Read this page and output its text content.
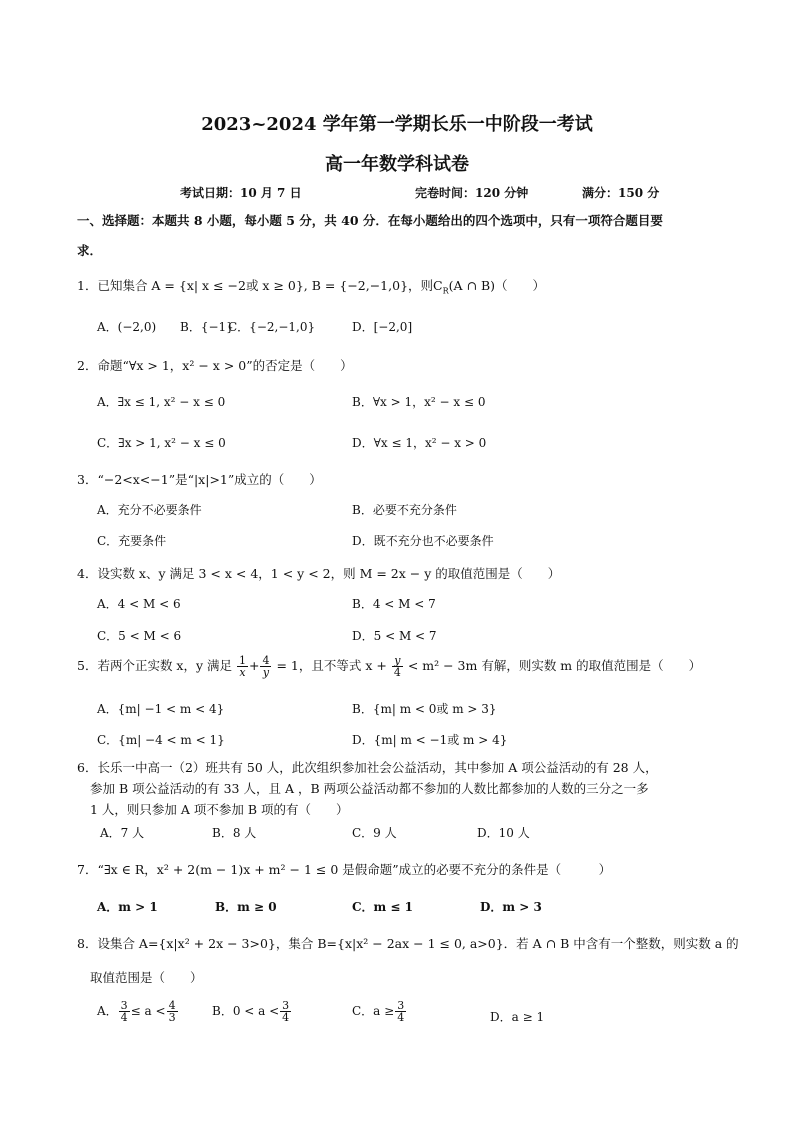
2023~2024 学年第一学期长乐一中阶段一考试
高一年数学科试卷
考试日期：10 月 7 日	完卷时间：120 分钟	满分：150 分
一、选择题：本题共 8 小题，每小题 5 分，共 40 分．在每小题给出的四个选项中，只有一项符合题目要
求．
1．已知集合 A = {x| x ≤ −2或 x ≥ 0}, B = {−2,−1,0}，则$C_R(A$ ∩ B)（　　）
A．(−2,0) B．{−1}
C．{−2,−1,0}	D．[−2,0]
2．命题“∀x > 1，x² − x > 0”的否定是（　　）
A．∃x ≤ 1, x² − x ≤ 0	B．∀x > 1，x² − x ≤ 0
C．∃x > 1, x² − x ≤ 0	D．∀x ≤ 1，x² − x > 0
3．“−2<x<−1”是“|x|>1”成立的（　　）
A．充分不必要条件	B．必要不充分条件
C．充要条件	D．既不充分也不必要条件
4．设实数 x、y 满足 3 < x < 4，1 < y < 2，则 M = 2x − y 的取值范围是（　　）
A．4 < M < 6	B．4 < M < 7
C．5 < M < 6	D．5 < M < 7
5．若两个正实数 x，y 满足 $\frac{1}{x} + \frac{4}{y} = 1$，且不等式 $x + \frac{y}{4} < m^2 - 3m$ 有解，则实数 m 的取值范围是（　　）
A．{m| −1 < m < 4}	B．{m| m < 0或 m > 3}
C．{m| −4 < m < 1}	D．{m| m < −1或 m > 4}
6．长乐一中高一（2）班共有 50 人，此次组织参加社会公益活动，其中参加 A 项公益活动的有 28 人，
参加 B 项公益活动的有 33 人，且 A ，B 两项公益活动都不参加的人数比都参加的人数的三分之一多
1 人，则只参加 A 项不参加 B 项的有（　　）
A．7 人	B．8 人	C．9 人	D．10 人
7．“∃x ∈ R，x² + 2(m − 1)x + m² − 1 ≤ 0 是假命题”成立的必要不充分的条件是（　　　）
A．m > 1	B．m ≥ 0	C．m ≤ 1	D．m > 3
8．设集合 A={x|x² + 2x − 3>0}，集合 B={x|x² − 2ax − 1 ≤ 0, a>0}．若 A ∩ B 中含有一个整数，则实数 a 的
取值范围是（　　）
A． $\frac{3}{4} \le a < \frac{4}{3}$	B．$0 < a < \frac{3}{4}$	C．$a \ge \frac{3}{4}$	D．a ≥ 1
